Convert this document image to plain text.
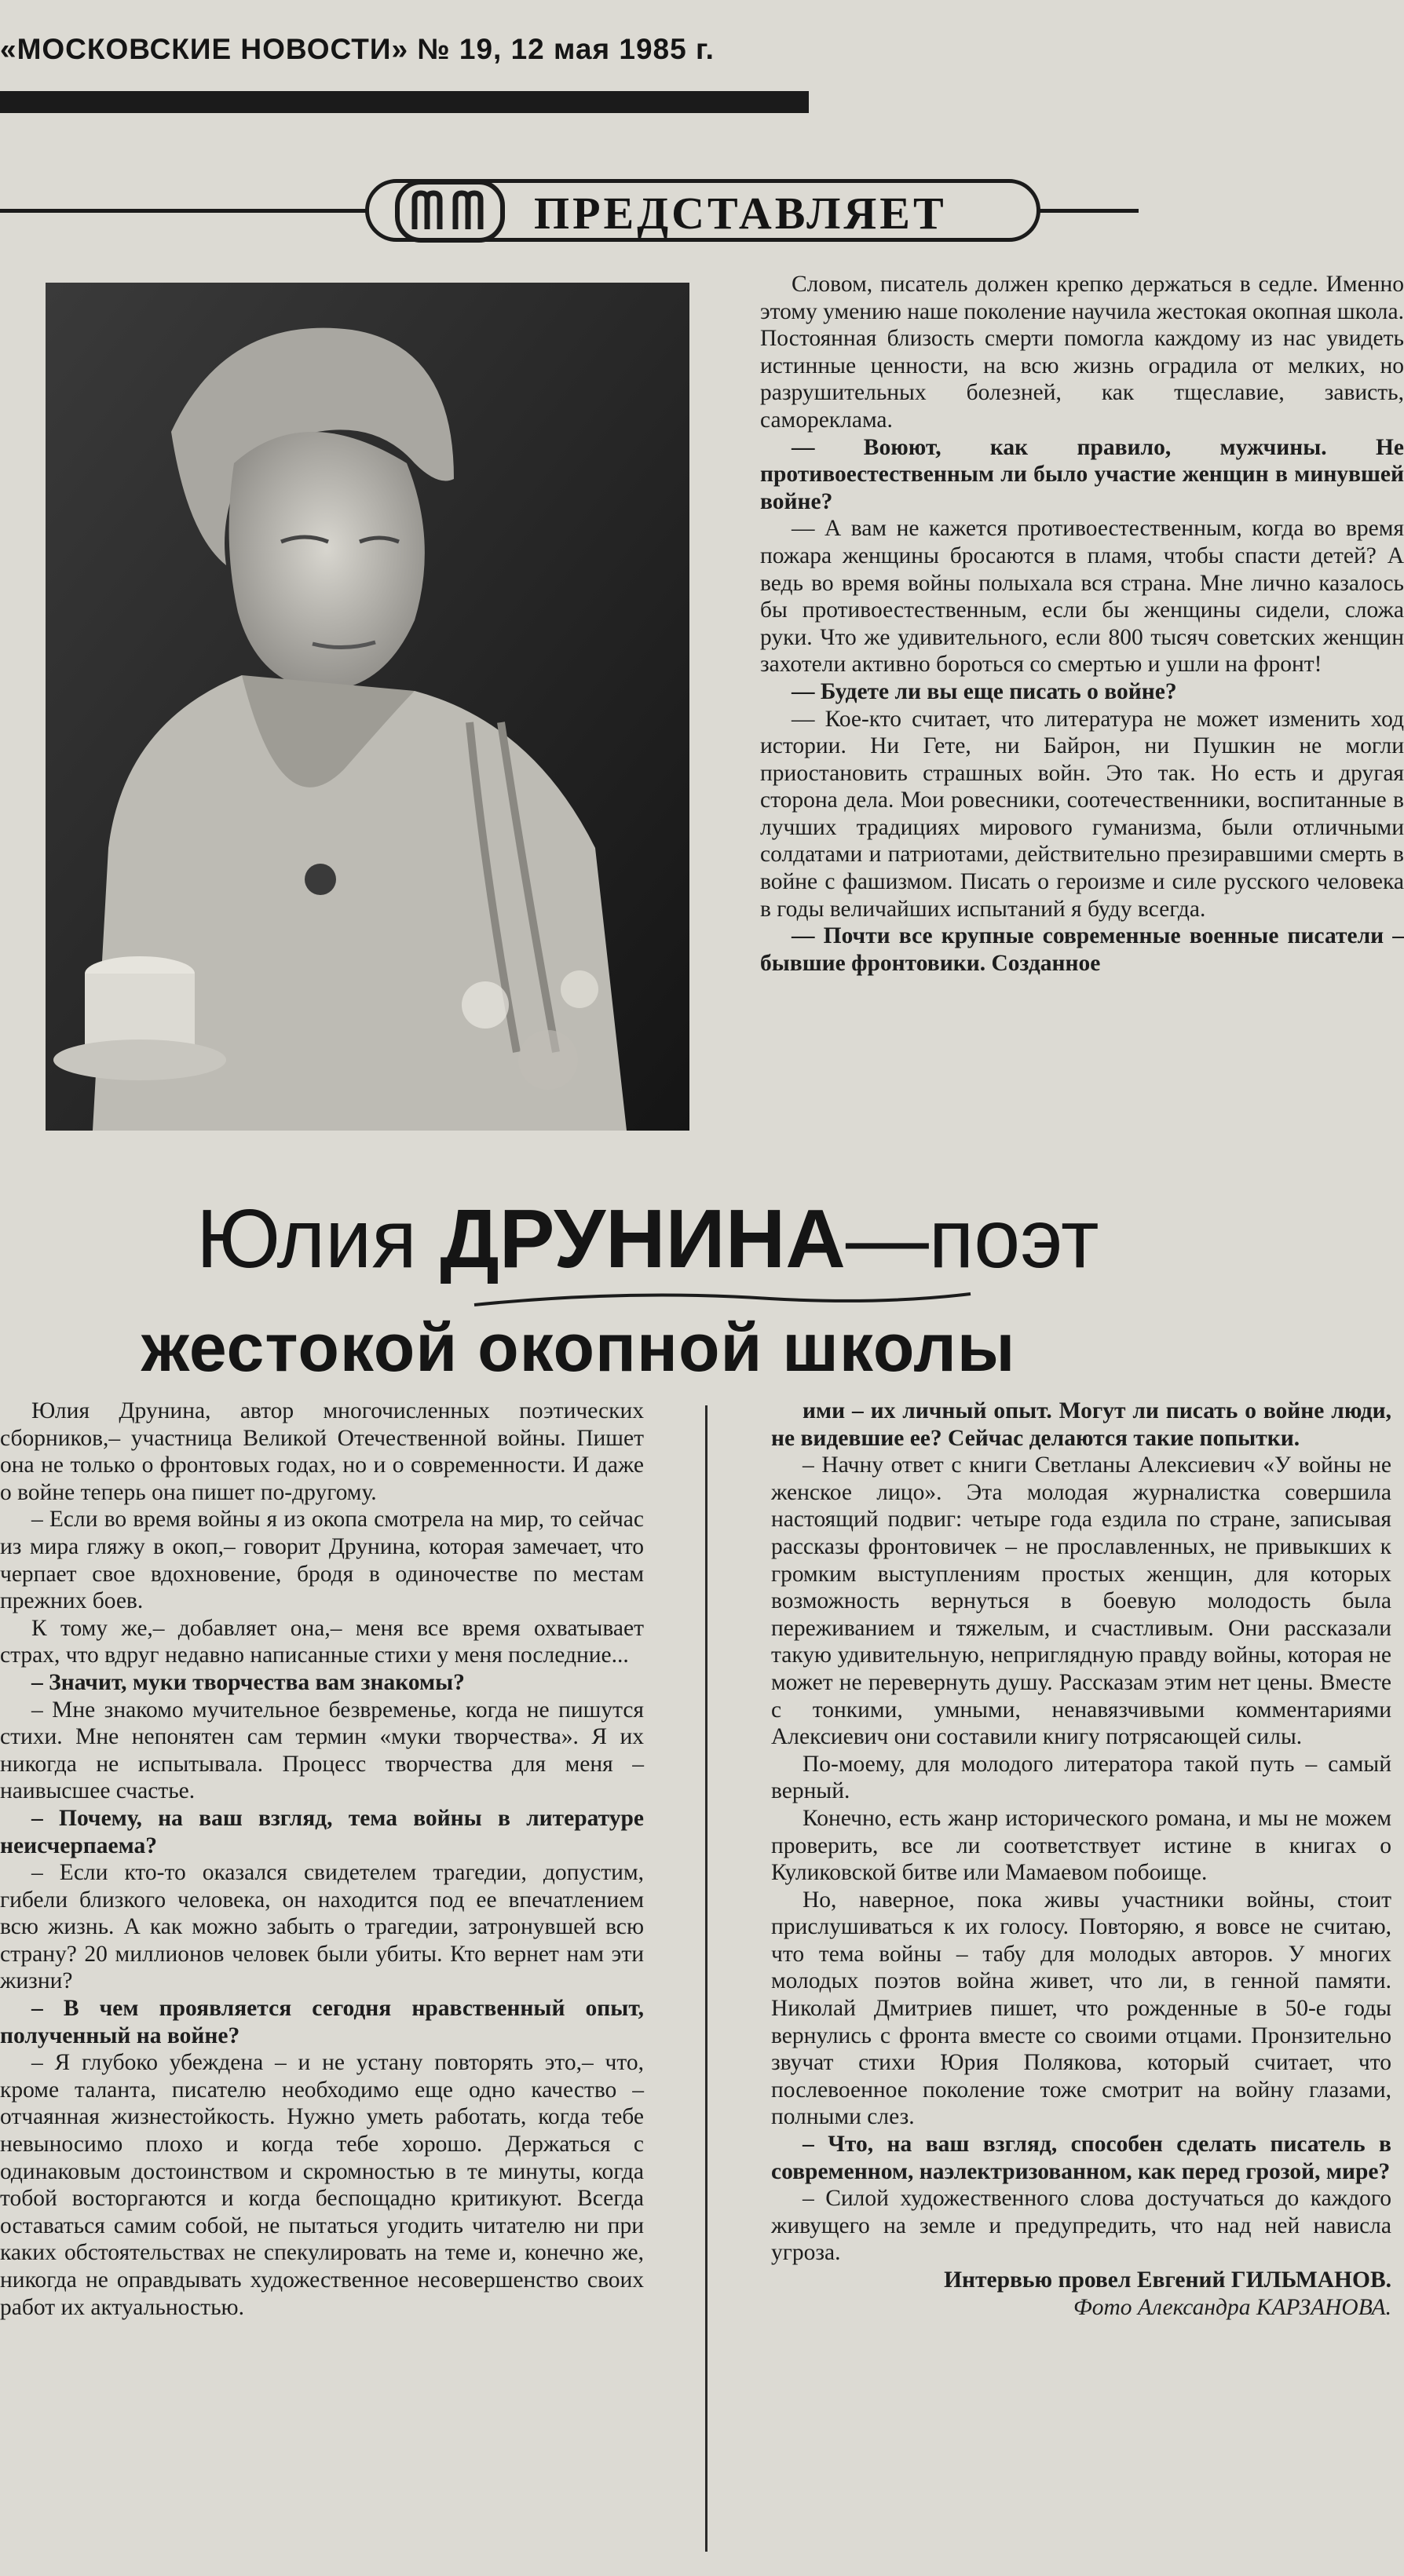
«МОСКОВСКИЕ НОВОСТИ» № 19, 12 мая 1985 г.
ПРЕДСТАВЛЯЕТ

Словом, писатель должен крепко держаться в седле. Именно этому умению наше поколение научила жестокая окопная школа. Постоянная близость смерти помогла каждому из нас увидеть истинные ценности, на всю жизнь оградила от мелких, но разрушительных болезней, как тщеславие, зависть, самореклама.

— Воюют, как правило, мужчины. Не противоестественным ли было участие женщин в минувшей войне?

— А вам не кажется противоестественным, когда во время пожара женщины бросаются в пламя, чтобы спасти детей? А ведь во время войны полыхала вся страна. Мне лично казалось бы противоестественным, если бы женщины сидели, сложа руки. Что же удивительного, если 800 тысяч советских женщин захотели активно бороться со смертью и ушли на фронт!

— Будете ли вы еще писать о войне?

— Кое-кто считает, что литература не может изменить ход истории. Ни Гете, ни Байрон, ни Пушкин не могли приостановить страшных войн. Это так. Но есть и другая сторона дела. Мои ровесники, соотечественники, воспитанные в лучших традициях мирового гуманизма, были отличными солдатами и патриотами, действительно презиравшими смерть в войне с фашизмом. Писать о героизме и силе русского человека в годы величайших испытаний я буду всегда.

— Почти все крупные современные военные писатели – бывшие фронтовики. Созданное

Юлия ДРУНИНА—поэт
жестокой окопной школы

Юлия Друнина, автор многочисленных поэтических сборников,– участница Великой Отечественной войны. Пишет она не только о фронтовых годах, но и о современности. И даже о войне теперь она пишет по-другому.

– Если во время войны я из окопа смотрела на мир, то сейчас из мира гляжу в окоп,– говорит Друнина, которая замечает, что черпает свое вдохновение, бродя в одиночестве по местам прежних боев.

К тому же,– добавляет она,– меня все время охватывает страх, что вдруг недавно написанные стихи у меня последние...

– Значит, муки творчества вам знакомы?

– Мне знакомо мучительное безвременье, когда не пишутся стихи. Мне непонятен сам термин «муки творчества». Я их никогда не испытывала. Процесс творчества для меня – наивысшее счастье.

– Почему, на ваш взгляд, тема войны в литературе неисчерпаема?

– Если кто-то оказался свидетелем трагедии, допустим, гибели близкого человека, он находится под ее впечатлением всю жизнь. А как можно забыть о трагедии, затронувшей всю страну? 20 миллионов человек были убиты. Кто вернет нам эти жизни?

– В чем проявляется сегодня нравственный опыт, полученный на войне?

– Я глубоко убеждена – и не устану повторять это,– что, кроме таланта, писателю необходимо еще одно качество – отчаянная жизнестойкость. Нужно уметь работать, когда тебе невыносимо плохо и когда тебе хорошо. Держаться с одинаковым достоинством и скромностью в те минуты, когда тобой восторгаются и когда беспощадно критикуют. Всегда оставаться самим собой, не пытаться угодить читателю ни при каких обстоятельствах не спекулировать на теме и, конечно же, никогда не оправдывать художественное несовершенство своих работ их актуальностью.

ими – их личный опыт. Могут ли писать о войне люди, не видевшие ее? Сейчас делаются такие попытки.

– Начну ответ с книги Светланы Алексиевич «У войны не женское лицо». Эта молодая журналистка совершила настоящий подвиг: четыре года ездила по стране, записывая рассказы фронтовичек – не прославленных, не привыкших к громким выступлениям простых женщин, для которых возможность вернуться в боевую молодость была переживанием и тяжелым, и счастливым. Они рассказали такую удивительную, неприглядную правду войны, которая не может не перевернуть душу. Рассказам этим нет цены. Вместе с тонкими, умными, ненавязчивыми комментариями Алексиевич они составили книгу потрясающей силы.

По-моему, для молодого литератора такой путь – самый верный.

Конечно, есть жанр исторического романа, и мы не можем проверить, все ли соответствует истине в книгах о Куликовской битве или Мамаевом побоище.

Но, наверное, пока живы участники войны, стоит прислушиваться к их голосу. Повторяю, я вовсе не считаю, что тема войны – табу для молодых авторов. У многих молодых поэтов война живет, что ли, в генной памяти. Николай Дмитриев пишет, что рожденные в 50-е годы вернулись с фронта вместе со своими отцами. Пронзительно звучат стихи Юрия Полякова, который считает, что послевоенное поколение тоже смотрит на войну глазами, полными слез.

– Что, на ваш взгляд, способен сделать писатель в современном, наэлектризованном, как перед грозой, мире?

– Силой художественного слова достучаться до каждого живущего на земле и предупредить, что над ней нависла угроза.

Интервью провел Евгений ГИЛЬМАНОВ.

Фото Александра КАРЗАНОВА.
